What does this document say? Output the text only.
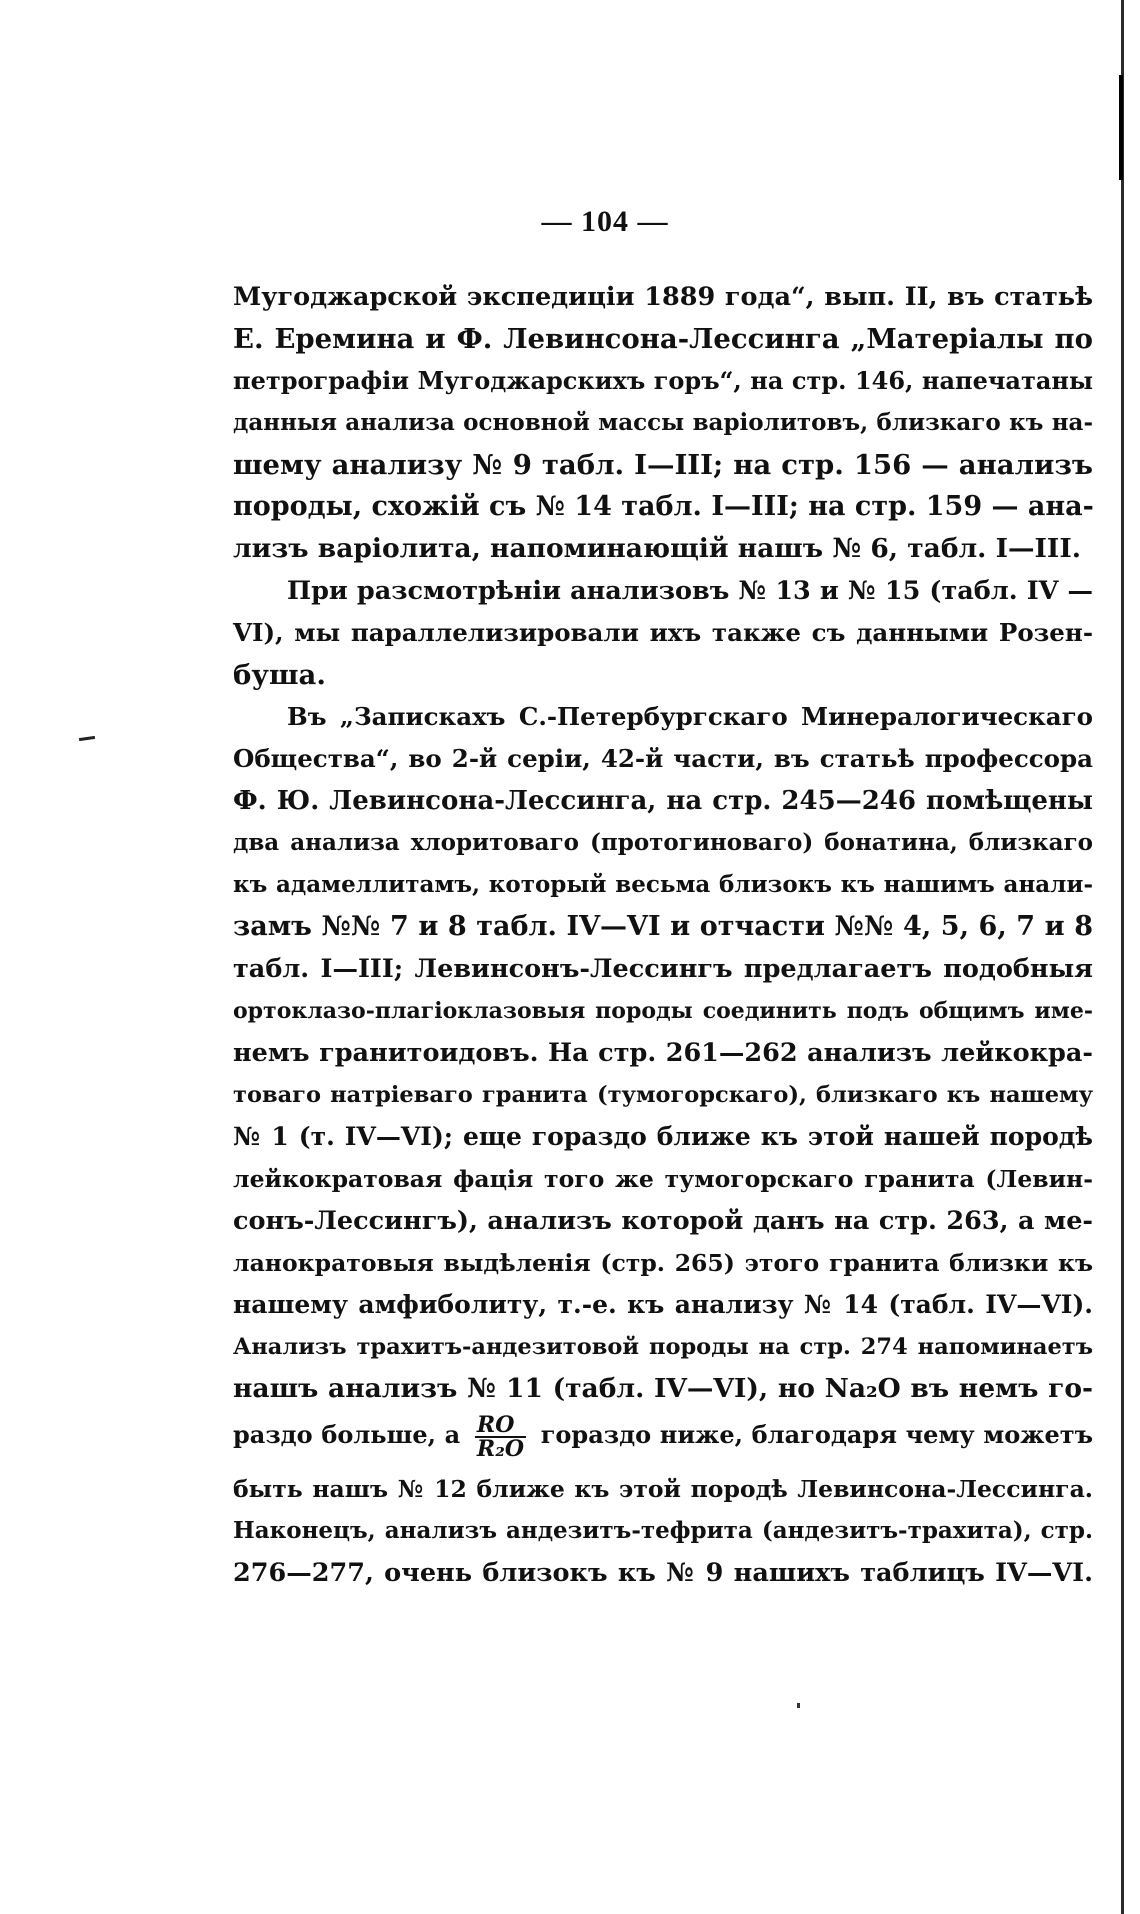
— 104 —
Мугоджарской экспедиціи 1889 года“, вып. II, въ статьѣ
Е. Еремина и Ф. Левинсона-Лессинга „Матеріалы по
петрографіи Мугоджарскихъ горъ“, на стр. 146, напечатаны
данныя анализа основной массы варіолитовъ, близкаго къ на-
шему анализу № 9 табл. I—III; на стр. 156 — анализъ
породы, схожій съ № 14 табл. I—III; на стр. 159 — ана-
лизъ варіолита, напоминающій нашъ № 6, табл. I—III.
При разсмотрѣніи анализовъ № 13 и № 15 (табл. IV —
VI), мы параллелизировали ихъ также съ данными Розен-
буша.
Въ „Запискахъ С.-Петербургскаго Минералогическаго
Общества“, во 2-й серіи, 42-й части, въ статьѣ профессора
Ф. Ю. Левинсона-Лессинга, на стр. 245—246 помѣщены
два анализа хлоритоваго (протогиноваго) бонатина, близкаго
къ адамеллитамъ, который весьма близокъ къ нашимъ анали-
замъ №№ 7 и 8 табл. IV—VI и отчасти №№ 4, 5, 6, 7 и 8
табл. I—III; Левинсонъ-Лессингъ предлагаетъ подобныя
ортоклазо-плагіоклазовыя породы соединить подъ общимъ име-
немъ гранитоидовъ. На стр. 261—262 анализъ лейкокра-
товаго натріеваго гранита (тумогорскаго), близкаго къ нашему
№ 1 (т. IV—VI); еще гораздо ближе къ этой нашей породѣ
лейкократовая фація того же тумогорскаго гранита (Левин-
сонъ-Лессингъ), анализъ которой данъ на стр. 263, а ме-
ланократовыя выдѣленія (стр. 265) этого гранита близки къ
нашему амфиболиту, т.-е. къ анализу № 14 (табл. IV—VI).
Анализъ трахитъ-андезитовой породы на стр. 274 напоминаетъ
нашъ анализъ № 11 (табл. IV—VI), но Na₂O въ немъ го-
раздо больше, а $\frac{RO}{\text{R₂O}}$ гораздо ниже, благодаря чему можетъ
быть нашъ № 12 ближе къ этой породѣ Левинсона-Лессинга.
Наконецъ, анализъ андезитъ-тефрита (андезитъ-трахита), стр.
276—277, очень близокъ къ № 9 нашихъ таблицъ IV—VI.
